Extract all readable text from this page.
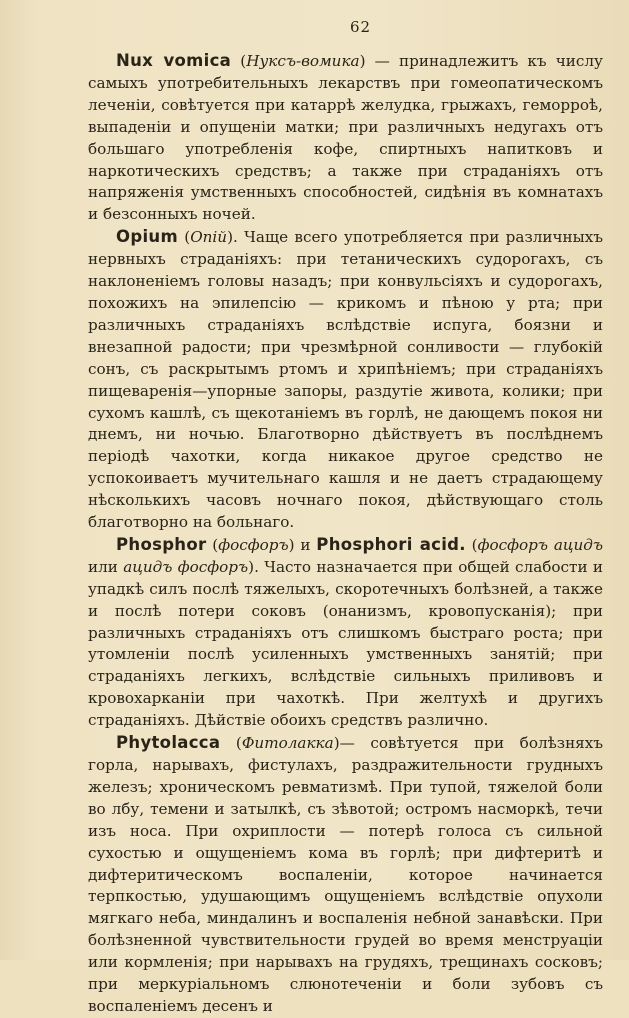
62

Nux vomica (Нуксъ-вомика) — принадлежитъ къ числу самыхъ употребительныхъ лекарствъ при гомеопатическомъ леченіи, совѣтуется при катаррѣ желудка, грыжахъ, геморроѣ, выпаденіи и опущеніи матки; при различныхъ недугахъ отъ большаго употребленія кофе, спиртныхъ напитковъ и наркотическихъ средствъ; а также при страданіяхъ отъ напряженія умственныхъ способностей, сидѣнія въ комнатахъ и безсонныхъ ночей.

Opium (Опій). Чаще всего употребляется при различныхъ нервныхъ страданіяхъ: при тетаническихъ судорогахъ, съ наклоненіемъ головы назадъ; при конвульсіяхъ и судорогахъ, похожихъ на эпилепсію — крикомъ и пѣною у рта; при различныхъ страданіяхъ вслѣдствіе испуга, боязни и внезапной радости; при чрезмѣрной сонливости — глубокій сонъ, съ раскрытымъ ртомъ и хрипѣніемъ; при страданіяхъ пищеваренія—упорные запоры, раздутіе живота, колики; при сухомъ кашлѣ, съ щекотаніемъ въ горлѣ, не дающемъ покоя ни днемъ, ни ночью. Благотворно дѣйствуетъ въ послѣднемъ періодѣ чахотки, когда никакое другое средство не успокоиваетъ мучительнаго кашля и не даетъ страдающему нѣсколькихъ часовъ ночнаго покоя, дѣйствующаго столь благотворно на больнаго.

Phosphor (фосфоръ) и Phosphori acid. (фосфоръ ацидъ или ацидъ фосфоръ). Часто назначается при общей слабости и упадкѣ силъ послѣ тяжелыхъ, скоротечныхъ болѣзней, а также и послѣ потери соковъ (онанизмъ, кровопусканія); при различныхъ страданіяхъ отъ слишкомъ быстраго роста; при утомленіи послѣ усиленныхъ умственныхъ занятій; при страданіяхъ легкихъ, вслѣдствіе сильныхъ приливовъ и кровохарканіи при чахоткѣ. При желтухѣ и другихъ страданіяхъ. Дѣйствіе обоихъ средствъ различно.

Phytolacca (Фитолакка)— совѣтуется при болѣзняхъ горла, нарывахъ, фистулахъ, раздражительности грудныхъ железъ; хроническомъ ревматизмѣ. При тупой, тяжелой боли во лбу, темени и затылкѣ, съ зѣвотой; остромъ насморкѣ, течи изъ носа. При охриплости — потерѣ голоса съ сильной сухостью и ощущеніемъ кома въ горлѣ; при дифтеритѣ и дифтеритическомъ воспаленіи, которое начинается терпкостью, удушающимъ ощущеніемъ вслѣдствіе опухоли мягкаго неба, миндалинъ и воспаленія небной занавѣски. При болѣзненной чувствительности грудей во время менструаціи или кормленія; при нарывахъ на грудяхъ, трещинахъ сосковъ; при меркуріальномъ слюнотеченіи и боли зубовъ съ воспаленіемъ десенъ и
